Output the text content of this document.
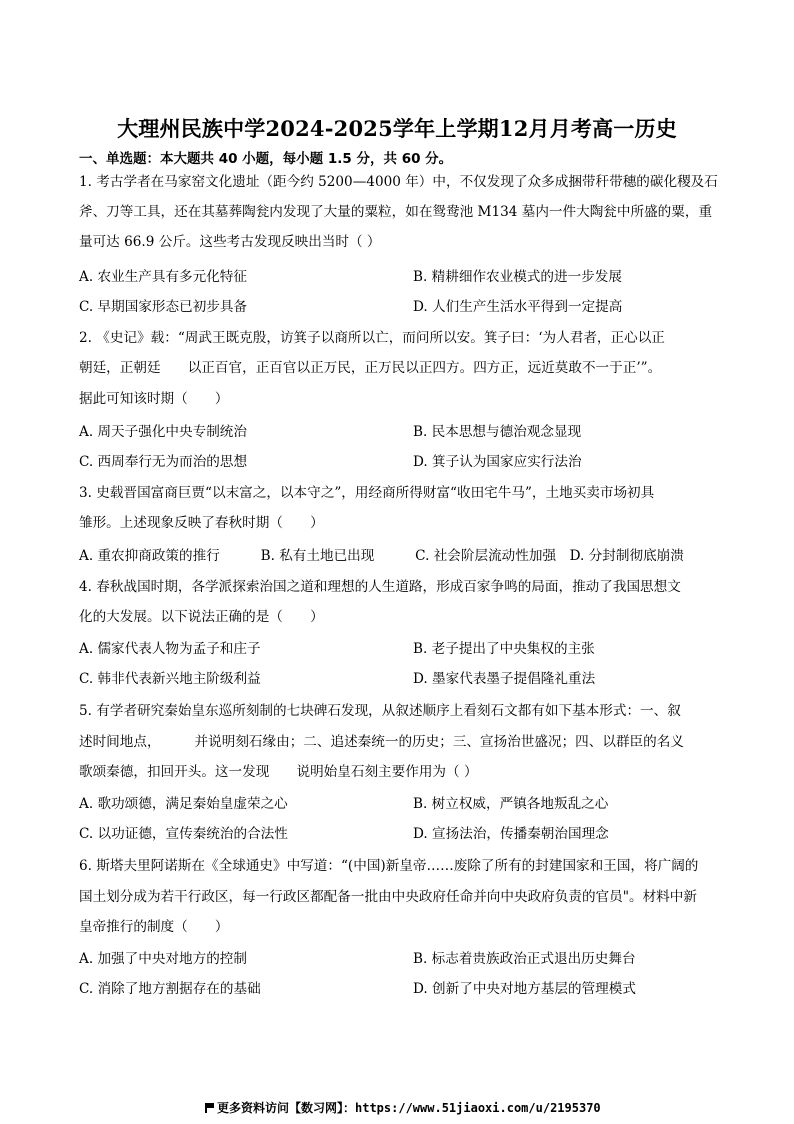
大理州民族中学2024-2025学年上学期12月月考高一历史
一、单选题：本大题共 40 小题，每小题 1.5 分，共 60 分。
1. 考古学者在马家窑文化遗址（距今约 5200—4000 年）中，不仅发现了众多成捆带秆带穗的碳化稷及石
斧、刀等工具，还在其墓葬陶瓮内发现了大量的粟粒，如在鸳鸯池 M134 墓内一件大陶瓮中所盛的粟，重
量可达 66.9 公斤。这些考古发现反映出当时（ ）
A. 农业生产具有多元化特征	B. 精耕细作农业模式的进一步发展
C. 早期国家形态已初步具备	D. 人们生产生活水平得到一定提高
2. 《史记》载：“周武王既克殷，访箕子以商所以亡，而问所以安。箕子曰：‘为人君者，正心以正
朝廷，正朝廷　　以正百官，正百官以正万民，正万民以正四方。四方正，远近莫敢不一于正’”。
据此可知该时期（　　）
A. 周天子强化中央专制统治	B. 民本思想与德治观念显现
C. 西周奉行无为而治的思想	D. 箕子认为国家应实行法治
3. 史载晋国富商巨贾“以末富之，以本守之”，用经商所得财富“收田宅牛马”，土地买卖市场初具
雏形。上述现象反映了春秋时期（　　）
A. 重农抑商政策的推行　　　B. 私有土地已出现　　　C. 社会阶层流动性加强　D. 分封制彻底崩溃
4. 春秋战国时期，各学派探索治国之道和理想的人生道路，形成百家争鸣的局面，推动了我国思想文
化的大发展。以下说法正确的是（　　）
A. 儒家代表人物为孟子和庄子	B. 老子提出了中央集权的主张
C. 韩非代表新兴地主阶级利益	D. 墨家代表墨子提倡隆礼重法
5. 有学者研究秦始皇东巡所刻制的七块碑石发现，从叙述顺序上看刻石文都有如下基本形式：一、叙
述时间地点，　　　并说明刻石缘由；二、追述秦统一的历史；三、宣扬治世盛况；四、以群臣的名义
歌颂秦德，扣回开头。这一发现　　说明始皇石刻主要作用为（ ）
A. 歌功颂德，满足秦始皇虚荣之心	B. 树立权威，严镇各地叛乱之心
C. 以功证德，宣传秦统治的合法性	D. 宣扬法治，传播秦朝治国理念
6. 斯塔夫里阿诺斯在《全球通史》中写道：“(中国)新皇帝……废除了所有的封建国家和王国，将广阔的
国土划分成为若干行政区，每一行政区都配备一批由中央政府任命并向中央政府负责的官员"。材料中新
皇帝推行的制度（　　）
A. 加强了中央对地方的控制	B. 标志着贵族政治正式退出历史舞台
C. 消除了地方割据存在的基础	D. 创新了中央对地方基层的管理模式
更多资料访问【数习网】：https://www.51jiaoxi.com/u/2195370
